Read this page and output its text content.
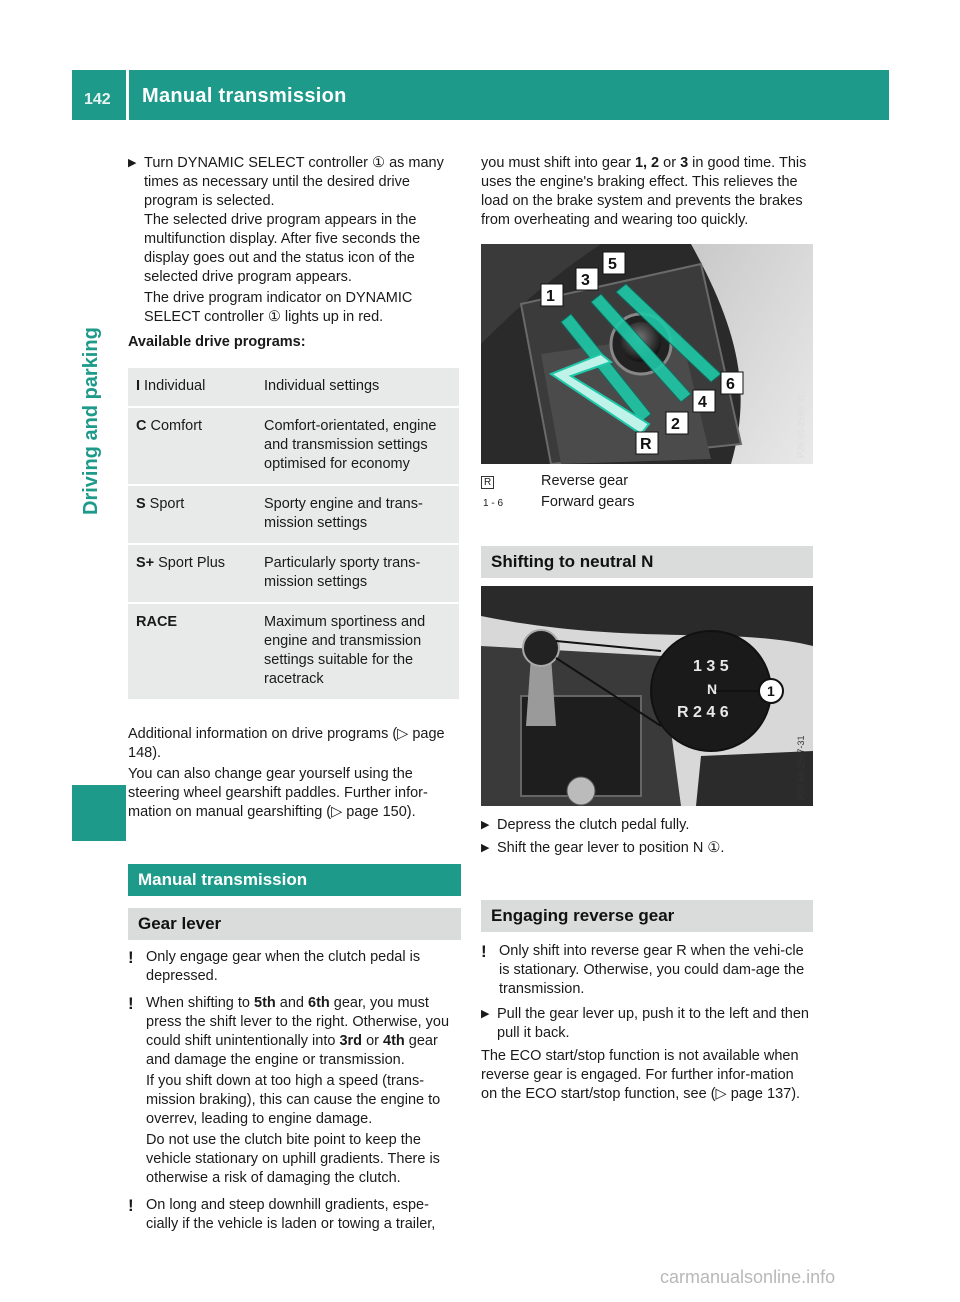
142 Manual transmission
Driving and parking
▶ Turn DYNAMIC SELECT controller ① as many times as necessary until the desired drive program is selected.
The selected drive program appears in the multifunction display. After five seconds the display goes out and the status icon of the selected drive program appears.
The drive program indicator on DYNAMIC SELECT controller ① lights up in red.
Available drive programs:
I Individual	Individual settings
C Comfort	Comfort-orientated, engine and transmission settings optimised for economy
S Sport	Sporty engine and trans-mission settings
S+ Sport Plus	Particularly sporty trans-mission settings
RACE	Maximum sportiness and engine and transmission settings suitable for the racetrack
Additional information on drive programs (▷ page 148).
You can also change gear yourself using the steering wheel gearshift paddles. Further infor-mation on manual gearshifting (▷ page 150).
Manual transmission
Gear lever
! Only engage gear when the clutch pedal is depressed.
! When shifting to 5th and 6th gear, you must press the shift lever to the right. Otherwise, you could shift unintentionally into 3rd or 4th gear and damage the engine or transmission.
If you shift down at too high a speed (trans-mission braking), this can cause the engine to overrev, leading to engine damage.
Do not use the clutch bite point to keep the vehicle stationary on uphill gradients. There is otherwise a risk of damaging the clutch.
! On long and steep downhill gradients, espe-cially if the vehicle is laden or towing a trailer,
you must shift into gear 1, 2 or 3 in good time. This uses the engine's braking effect. This relieves the load on the brake system and prevents the brakes from overheating and wearing too quickly.
1
3
5
2
4
6
R	P26.60-2566-31
R	Reverse gear
1 - 6	Forward gears
Shifting to neutral N
1 3 5
N
R 2 4 6
1
P26.60-2567-31
▶ Depress the clutch pedal fully.
▶ Shift the gear lever to position N ①.
Engaging reverse gear
! Only shift into reverse gear R when the vehi-cle is stationary. Otherwise, you could dam-age the transmission.
▶ Pull the gear lever up, push it to the left and then pull it back.
The ECO start/stop function is not available when reverse gear is engaged. For further infor-mation on the ECO start/stop function, see (▷ page 137).
carmanualsonline.info
